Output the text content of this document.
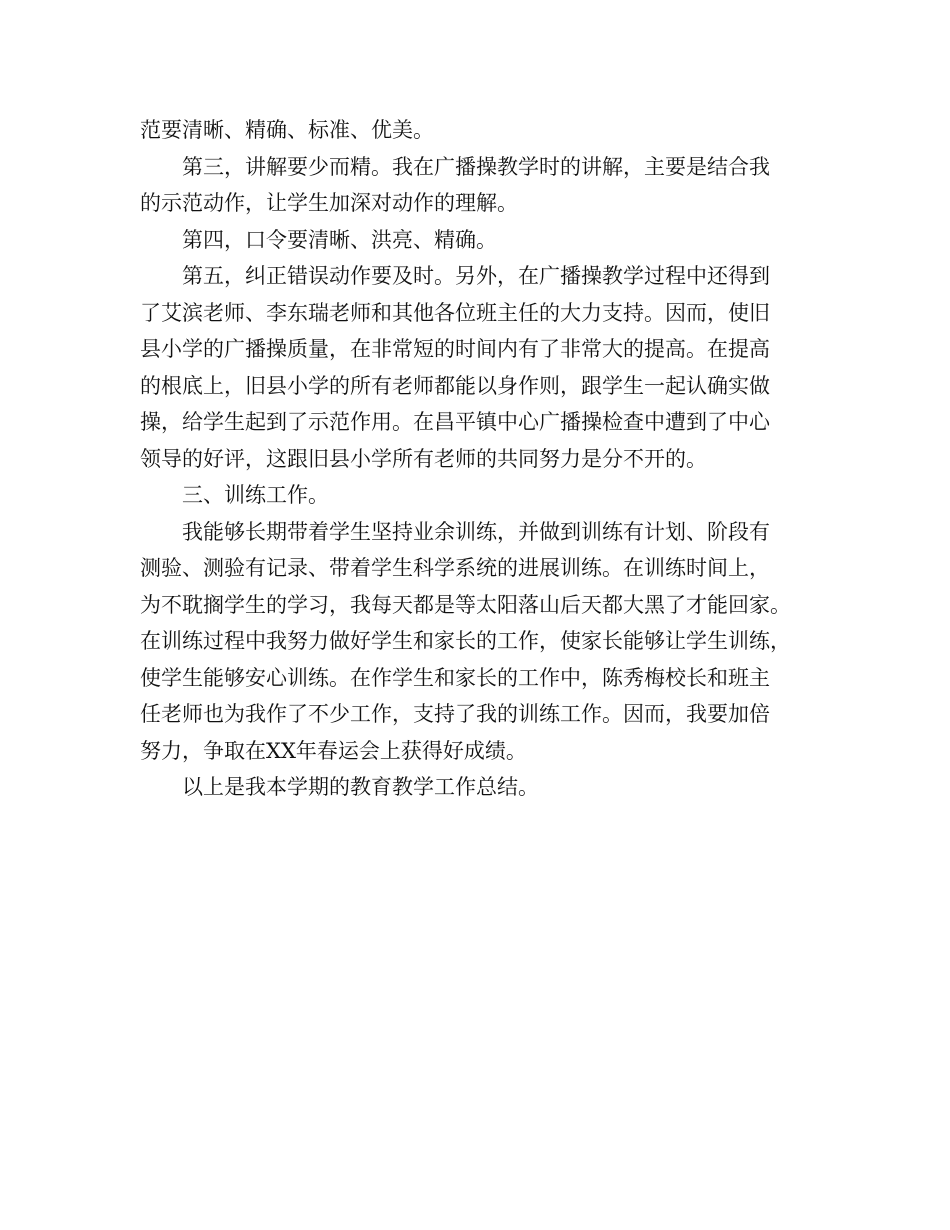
范要清晰、精确、标准、优美。
第三，讲解要少而精。我在广播操教学时的讲解，主要是结合我
的示范动作，让学生加深对动作的理解。
第四，口令要清晰、洪亮、精确。
第五，纠正错误动作要及时。另外，在广播操教学过程中还得到
了艾滨老师、李东瑞老师和其他各位班主任的大力支持。因而，使旧
县小学的广播操质量，在非常短的时间内有了非常大的提高。在提高
的根底上，旧县小学的所有老师都能以身作则，跟学生一起认确实做
操，给学生起到了示范作用。在昌平镇中心广播操检查中遭到了中心
领导的好评，这跟旧县小学所有老师的共同努力是分不开的。
三、训练工作。
我能够长期带着学生坚持业余训练，并做到训练有计划、阶段有
测验、测验有记录、带着学生科学系统的进展训练。在训练时间上，
为不耽搁学生的学习，我每天都是等太阳落山后天都大黑了才能回家。
在训练过程中我努力做好学生和家长的工作，使家长能够让学生训练，
使学生能够安心训练。在作学生和家长的工作中，陈秀梅校长和班主
任老师也为我作了不少工作，支持了我的训练工作。因而，我要加倍
努力，争取在XX年春运会上获得好成绩。
以上是我本学期的教育教学工作总结。
